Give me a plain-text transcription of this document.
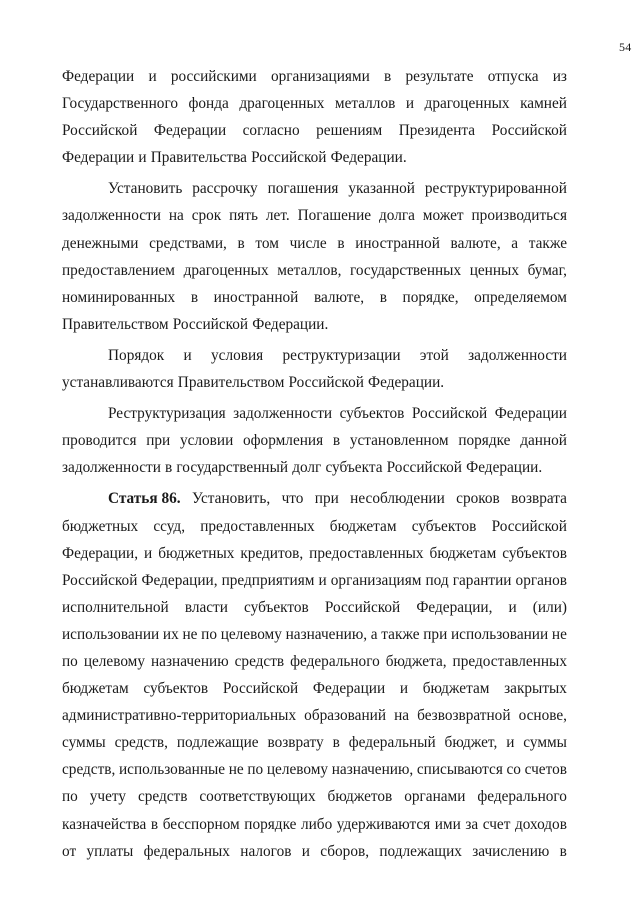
54
Федерации и российскими организациями в результате отпуска из
Государственного фонда драгоценных металлов и драгоценных камней
Российской Федерации согласно решениям Президента Российской
Федерации и Правительства Российской Федерации.
Установить рассрочку погашения указанной реструктурированной
задолженности на срок пять лет. Погашение долга может производиться
денежными средствами, в том числе в иностранной валюте, а также
предоставлением драгоценных металлов, государственных ценных бумаг,
номинированных в иностранной валюте, в порядке, определяемом
Правительством Российской Федерации.
Порядок и условия реструктуризации этой задолженности
устанавливаются Правительством Российской Федерации.
Реструктуризация задолженности субъектов Российской Федерации
проводится при условии оформления в установленном порядке данной
задолженности в государственный долг субъекта Российской Федерации.
Статья 86. Установить, что при несоблюдении сроков возврата
бюджетных ссуд, предоставленных бюджетам субъектов Российской
Федерации, и бюджетных кредитов, предоставленных бюджетам субъектов
Российской Федерации, предприятиям и организациям под гарантии органов
исполнительной власти субъектов Российской Федерации, и (или)
использовании их не по целевому назначению, а также при использовании не
по целевому назначению средств федерального бюджета, предоставленных
бюджетам субъектов Российской Федерации и бюджетам закрытых
административно-территориальных образований на безвозвратной основе,
суммы средств, подлежащие возврату в федеральный бюджет, и суммы
средств, использованные не по целевому назначению, списываются со счетов
по учету средств соответствующих бюджетов органами федерального
казначейства в бесспорном порядке либо удерживаются ими за счет доходов
от уплаты федеральных налогов и сборов, подлежащих зачислению в
